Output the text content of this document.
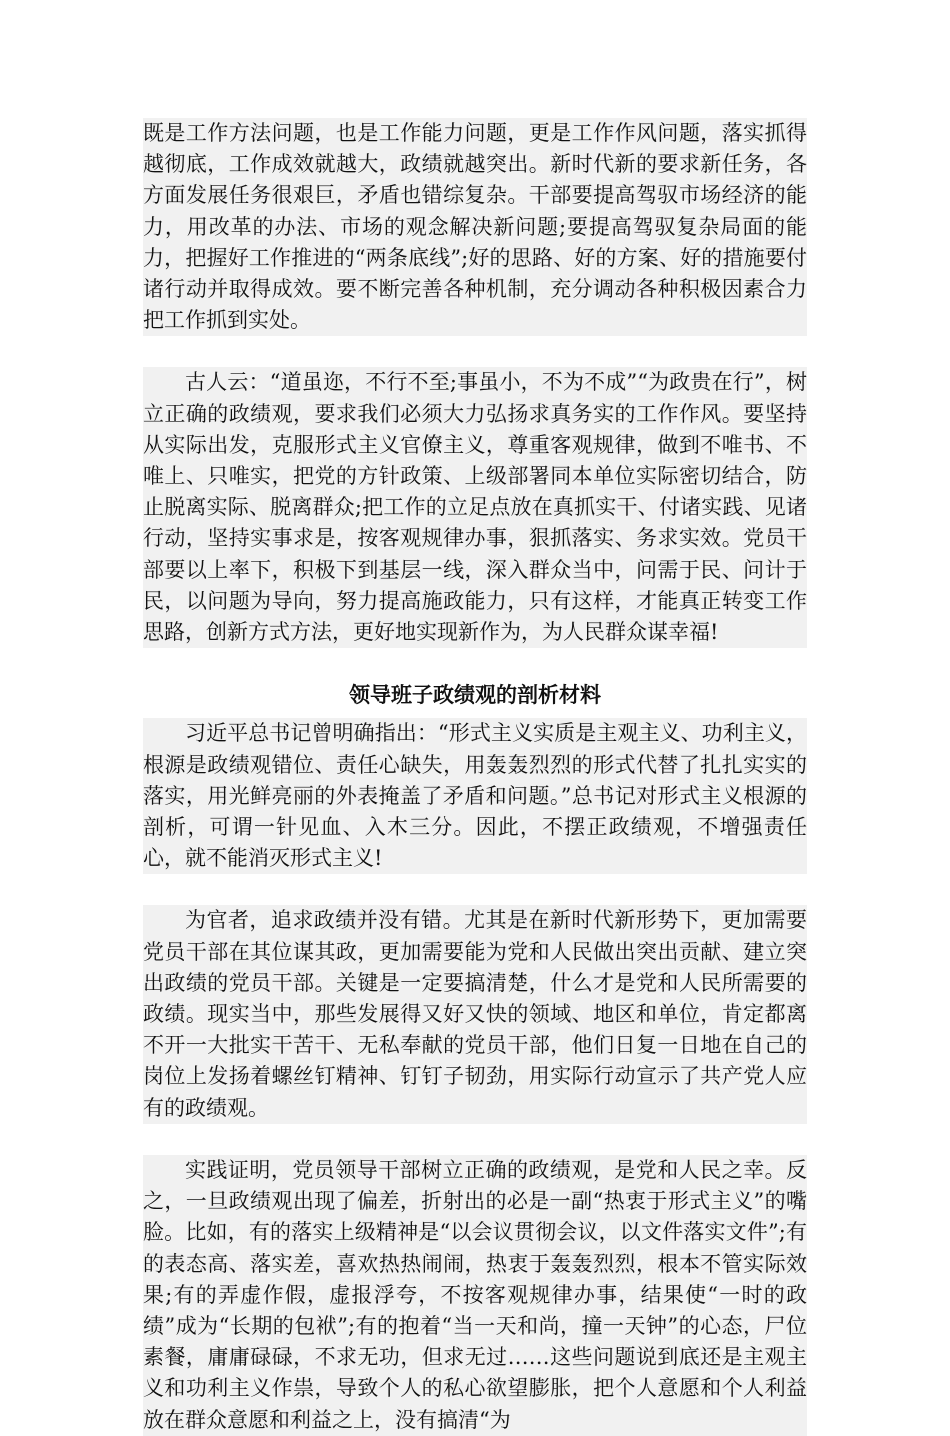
既是工作方法问题，也是工作能力问题，更是工作作风问题，落实抓得越彻底，工作成效就越大，政绩就越突出。新时代新的要求新任务，各方面发展任务很艰巨，矛盾也错综复杂。干部要提高驾驭市场经济的能力，用改革的办法、市场的观念解决新问题;要提高驾驭复杂局面的能力，把握好工作推进的“两条底线”;好的思路、好的方案、好的措施要付诸行动并取得成效。要不断完善各种机制，充分调动各种积极因素合力把工作抓到实处。

古人云：“道虽迩，不行不至;事虽小，不为不成”“为政贵在行”，树立正确的政绩观，要求我们必须大力弘扬求真务实的工作作风。要坚持从实际出发，克服形式主义官僚主义，尊重客观规律，做到不唯书、不唯上、只唯实，把党的方针政策、上级部署同本单位实际密切结合，防止脱离实际、脱离群众;把工作的立足点放在真抓实干、付诸实践、见诸行动，坚持实事求是，按客观规律办事，狠抓落实、务求实效。党员干部要以上率下，积极下到基层一线，深入群众当中，问需于民、问计于民，以问题为导向，努力提高施政能力，只有这样，才能真正转变工作思路，创新方式方法，更好地实现新作为，为人民群众谋幸福!

领导班子政绩观的剖析材料

习近平总书记曾明确指出：“形式主义实质是主观主义、功利主义，根源是政绩观错位、责任心缺失，用轰轰烈烈的形式代替了扎扎实实的落实，用光鲜亮丽的外表掩盖了矛盾和问题。”总书记对形式主义根源的剖析，可谓一针见血、入木三分。因此，不摆正政绩观，不增强责任心，就不能消灭形式主义!

为官者，追求政绩并没有错。尤其是在新时代新形势下，更加需要党员干部在其位谋其政，更加需要能为党和人民做出突出贡献、建立突出政绩的党员干部。关键是一定要搞清楚，什么才是党和人民所需要的政绩。现实当中，那些发展得又好又快的领域、地区和单位，肯定都离不开一大批实干苦干、无私奉献的党员干部，他们日复一日地在自己的岗位上发扬着螺丝钉精神、钉钉子韧劲，用实际行动宣示了共产党人应有的政绩观。

实践证明，党员领导干部树立正确的政绩观，是党和人民之幸。反之，一旦政绩观出现了偏差，折射出的必是一副“热衷于形式主义”的嘴脸。比如，有的落实上级精神是“以会议贯彻会议，以文件落实文件”;有的表态高、落实差，喜欢热热闹闹，热衷于轰轰烈烈，根本不管实际效果;有的弄虚作假，虚报浮夸，不按客观规律办事，结果使“一时的政绩”成为“长期的包袱”;有的抱着“当一天和尚，撞一天钟”的心态，尸位素餐，庸庸碌碌，不求无功，但求无过……这些问题说到底还是主观主义和功利主义作祟，导致个人的私心欲望膨胀，把个人意愿和个人利益放在群众意愿和利益之上，没有搞清“为
